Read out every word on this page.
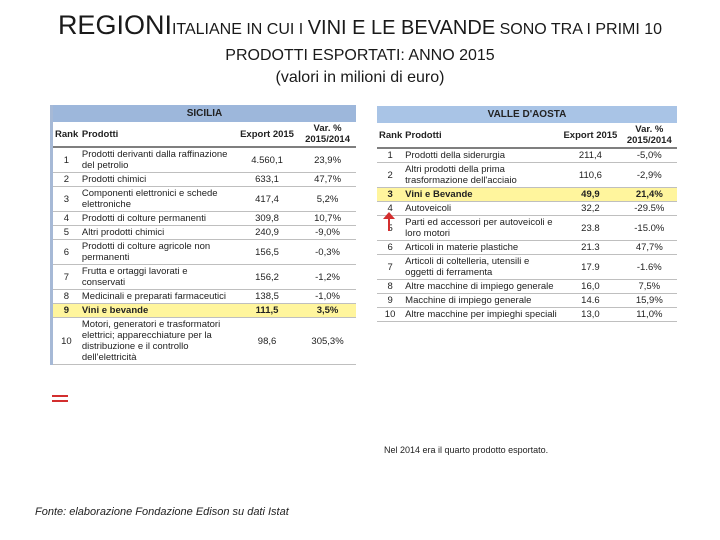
REGIONIITALIANE IN CUI I VINI E LE BEVANDE SONO TRA I PRIMI 10
PRODOTTI ESPORTATI: ANNO 2015
(valori in milioni di euro)
SICILIA
Rank	Prodotti	Export 2015	Var. %
2015/2014
1	Prodotti derivanti dalla raffinazione del petrolio	4.560,1	23,9%
2	Prodotti chimici	633,1	47,7%
3	Componenti elettronici e schede elettroniche	417,4	5,2%
4	Prodotti di colture permanenti	309,8	10,7%
5	Altri prodotti chimici	240,9	-9,0%
6	Prodotti di colture agricole non permanenti	156,5	-0,3%
7	Frutta e ortaggi lavorati e conservati	156,2	-1,2%
8	Medicinali e preparati farmaceutici	138,5	-1,0%
9	Vini e bevande	111,5	3,5%
10	Motori, generatori e trasformatori elettrici; apparecchiature per la distribuzione e il controllo dell'elettricità	98,6	305,3%
VALLE D'AOSTA
Rank	Prodotti	Export 2015	Var. %
2015/2014
1	Prodotti della siderurgia	211,4	-5,0%
2	Altri prodotti della prima trasformazione dell'acciaio	110,6	-2,9%
3	Vini e Bevande	49,9	21,4%
4	Autoveicoli	32,2	-29.5%
5	Parti ed accessori per autoveicoli e loro motori	23.8	-15.0%
6	Articoli in materie plastiche	21.3	47,7%
7	Articoli di coltelleria, utensili e oggetti di ferramenta	17.9	-1.6%
8	Altre macchine di impiego generale	16,0	7,5%
9	Macchine di impiego generale	14.6	15,9%
10	Altre macchine per impieghi speciali	13,0	11,0%
Nel 2014 era il quarto prodotto esportato.
Fonte: elaborazione Fondazione Edison su dati Istat
